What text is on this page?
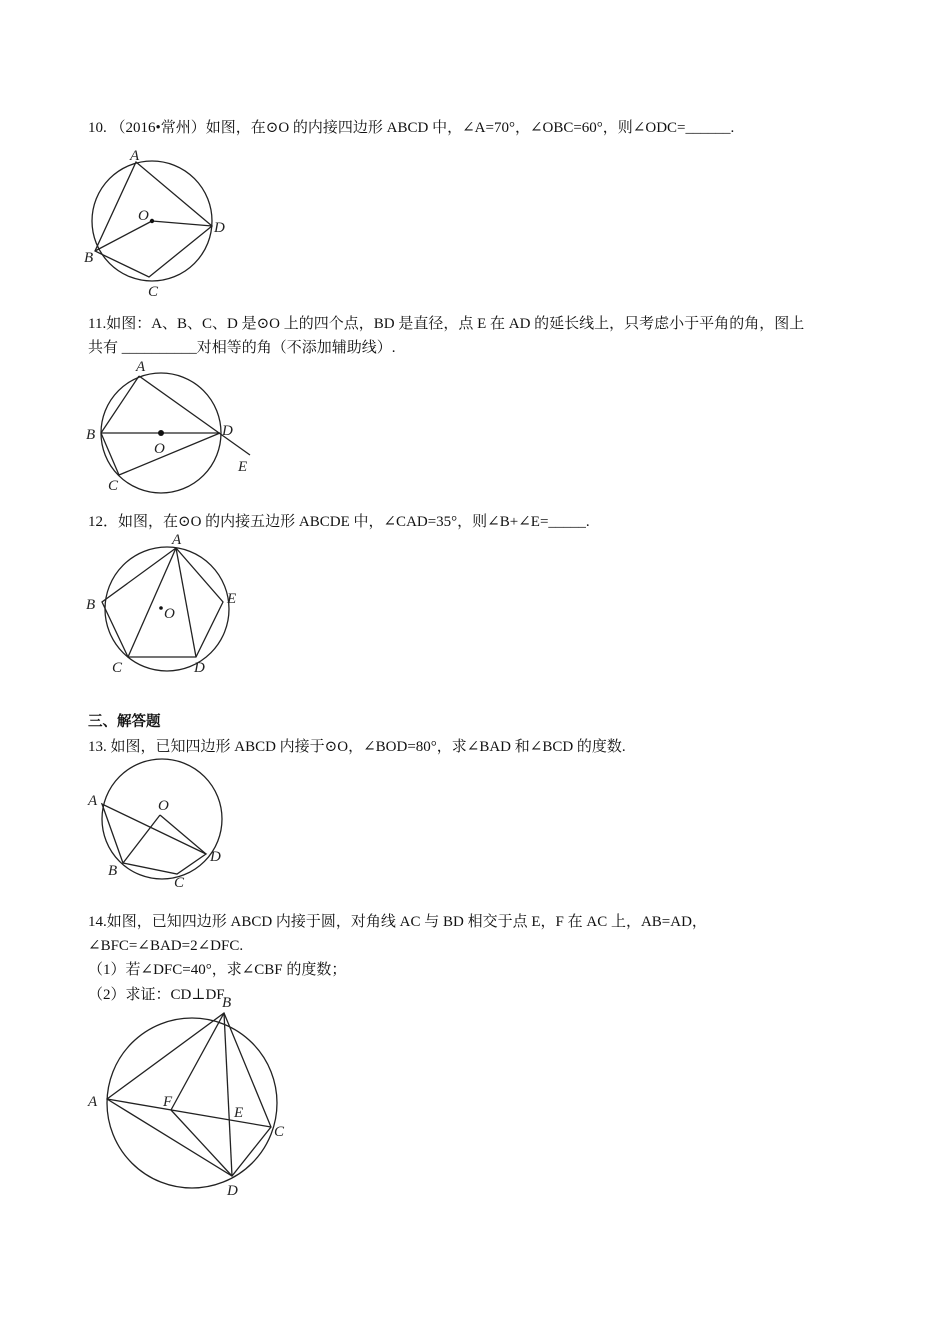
10. （2016•常州）如图，在⊙O 的内接四边形 ABCD 中，∠A=70°，∠OBC=60°，则∠ODC=______.
A
B
C
D
O
11.如图：A、B、C、D 是⊙O 上的四个点，BD 是直径，点 E 在 AD 的延长线上，只考虑小于平角的角，图上
共有 __________对相等的角（不添加辅助线）.
A
B
C
D
E
O
12．如图，在⊙O 的内接五边形 ABCDE 中，∠CAD=35°，则∠B+∠E=_____.
A
B
C	D
E
O
三、解答题
13. 如图，已知四边形 ABCD 内接于⊙O，∠BOD=80°，求∠BAD 和∠BCD 的度数.
A
B
C
D
O
14.如图，已知四边形 ABCD 内接于圆，对角线 AC 与 BD 相交于点 E，F 在 AC 上，AB=AD，
∠BFC=∠BAD=2∠DFC.
（1）若∠DFC=40°，求∠CBF 的度数；
（2）求证：CD⊥DF.
A
B
C
D
E
F
